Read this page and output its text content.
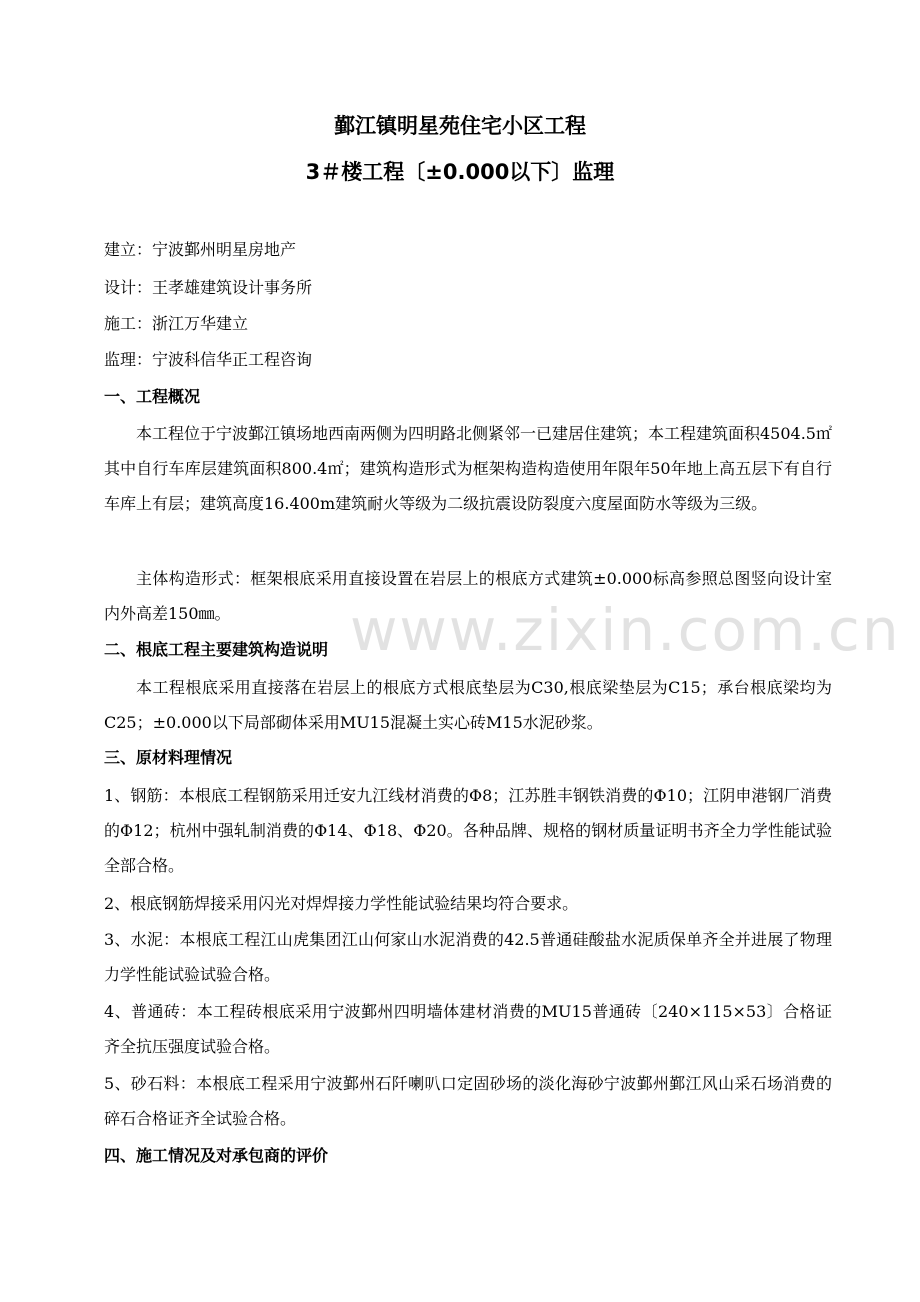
鄞江镇明星苑住宅小区工程
3＃楼工程〔±0.000以下〕监理
建立：宁波鄞州明星房地产
设计：王孝雄建筑设计事务所
施工：浙江万华建立
监理：宁波科信华正工程咨询
一、工程概况

本工程位于宁波鄞江镇场地西南两侧为四明路北侧紧邻一已建居住建筑；本工程建筑面积4504.5㎡其中自行车库层建筑面积800.4㎡；建筑构造形式为框架构造构造使用年限年50年地上高五层下有自行车库上有层；建筑高度16.400m建筑耐火等级为二级抗震设防裂度六度屋面防水等级为三级。

主体构造形式：框架根底采用直接设置在岩层上的根底方式建筑±0.000标高参照总图竖向设计室内外高差150㎜。

二、根底工程主要建筑构造说明

本工程根底采用直接落在岩层上的根底方式根底垫层为C30,根底梁垫层为C15；承台根底梁均为C25；±0.000以下局部砌体采用MU15混凝土实心砖M15水泥砂浆。

三、原材料理情况

1、钢筋：本根底工程钢筋采用迁安九江线材消费的Φ8；江苏胜丰钢铁消费的Φ10；江阴申港钢厂消费的Φ12；杭州中强轧制消费的Φ14、Φ18、Φ20。各种品牌、规格的钢材质量证明书齐全力学性能试验全部合格。

2、根底钢筋焊接采用闪光对焊焊接力学性能试验结果均符合要求。

3、水泥：本根底工程江山虎集团江山何家山水泥消费的42.5普通硅酸盐水泥质保单齐全并进展了物理力学性能试验试验合格。

4、普通砖：本工程砖根底采用宁波鄞州四明墙体建材消费的MU15普通砖〔240×115×53〕合格证齐全抗压强度试验合格。

5、砂石料：本根底工程采用宁波鄞州石阡喇叭口定固砂场的淡化海砂宁波鄞州鄞江风山采石场消费的碎石合格证齐全试验合格。

四、施工情况及对承包商的评价
www.zixin.com.cn
